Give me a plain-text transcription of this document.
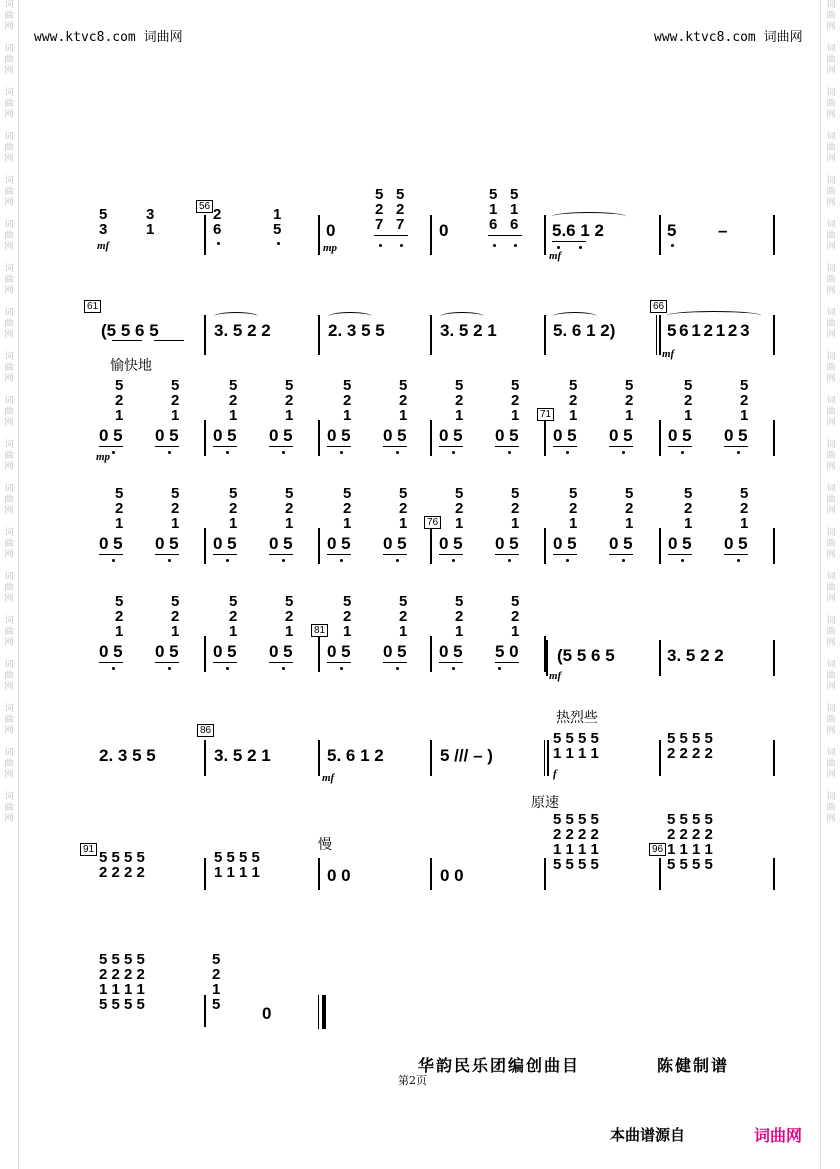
词
曲
网

词
曲
网

词
曲
网

词
曲
网

词
曲
网

词
曲
网

词
曲
网

词
曲
网

词
曲
网

词
曲
网

词
曲
网

词
曲
网

词
曲
网

词
曲
网

词
曲
网

词
曲
网

词
曲
网

词
曲
网

词
曲
网

词
曲
网

词
曲
网

词
曲
网

词
曲
网

词
曲
网

词
曲
网

词
曲
网

词
曲
网

词
曲
网

词
曲
网

词
曲
网

词
曲
网

词
曲
网

词
曲
网

词
曲
网

词
曲
网

词
曲
网

词
曲
网

词
曲
网

www.ktvc8.com 词曲网	www.ktvc8.com 词曲网
5
3
mf
3
1
56 2
6
1
5	0
mp
5
2
7
5
2
7 0
5
1
6
5
1
6 5.6 1 2
mf
5 –
61
(5 5 6 5	3. 5 2 2	2. 3 5 5	3. 5 2 1	5. 6 1 2)
66
5 6 1 2 1 2 3
mf
愉快地
5
2
1
0 5
5
2
1
0 5
5
2
1
0 5
5
2
1
0 5
5
2
1
0 5
5
2
1
0 5
5
2
1
0 5
5
2
1
0 5
5
2
1
0 5
5
2
1
0 5
5
2
1
0 5
5
2
1
0 5
5
2
1
0 5
5
2
1
0 5
5
2
1
0 5
5
2
1
0 5
5
2
1
0 5
5
2
1
0 5
5
2
1
0 5
5
2
1
0 5
5
2
1
0 5
5
2
1
0 5
5
2
1
0 5
5
2
1
0 5
5
2
1
0 5
5
2
1
0 5
5
2
1
0 5
5
2
1
0 5
5
2
1
0 5
5
2
1
0 5
5
2
1
0 5
5
2
1
5 0
71
mp
76
81
(5 5 6 5
mf
3. 5 2 2
2. 3 5 5
86
3. 5 2 1	5. 6 1 2
mf
5 /// – )
热烈些
5 5 5 5
1 1 1 1
f
5 5 5 5
2 2 2 2
原速
91 5 5 5 5
2 2 2 2
5 5 5 5
1 1 1 1
慢
0 0	0 0
5 5 5 5
2 2 2 2
1 1 1 1
5 5 5 5
96
5 5 5 5
2 2 2 2
1 1 1 1
5 5 5 5
5 5 5 5
2 2 2 2
1 1 1 1
5 5 5 5
5
2
1
5 0
华韵民乐团编创曲目	陈健制谱
第2页
本曲谱源自	词曲网
